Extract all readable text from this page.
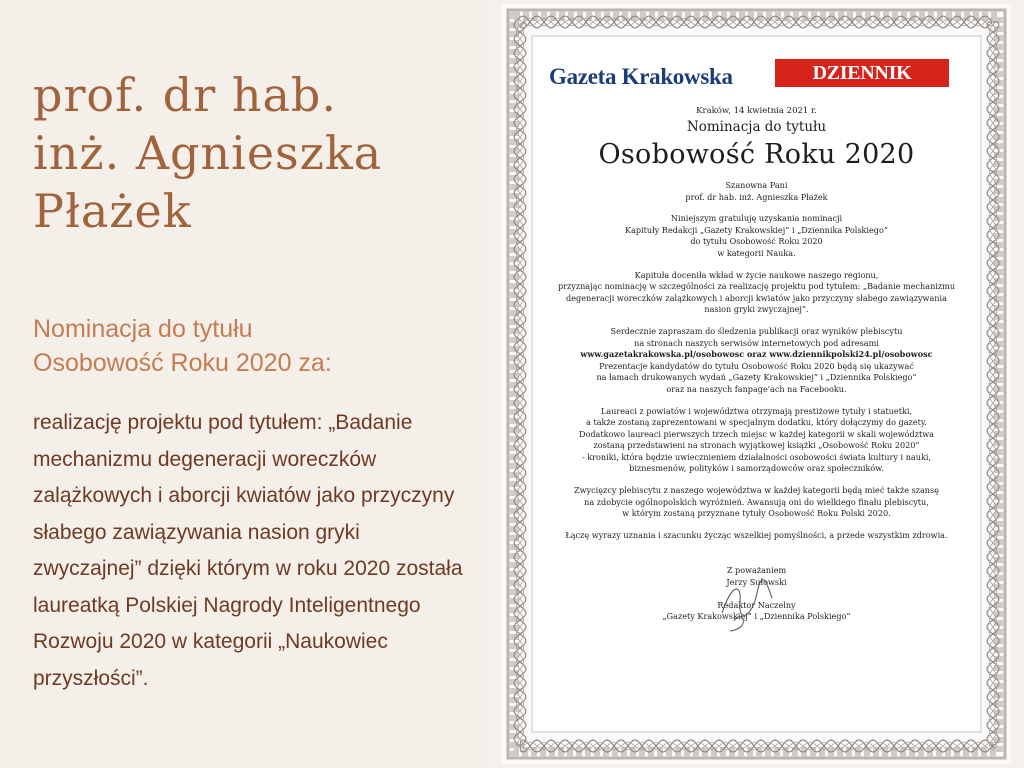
prof. dr hab.
inż. Agnieszka
Płażek

Nominacja do tytułu
Osobowość Roku 2020 za:

realizację projektu pod tytułem: „Badanie mechanizmu degeneracji woreczków zalążkowych i aborcji kwiatów jako przyczyny słabego zawiązywania nasion gryki zwyczajnej” dzięki którym w roku 2020 została laureatką Polskiej Nagrody Inteligentnego Rozwoju 2020 w kategorii „Naukowiec przyszłości”.

Gazeta Krakowska	DZIENNIK POLSKI
Kraków, 14 kwietnia 2021 r.
Nominacja do tytułu
Osobowość Roku 2020
Szanowna Pani
prof. dr hab. inż. Agnieszka Płażek
Niniejszym gratuluję uzyskania nominacji
Kapituły Redakcji „Gazety Krakowskiej” i „Dziennika Polskiego”
do tytułu Osobowość Roku 2020
w kategorii Nauka.
Kapituła doceniła wkład w życie naukowe naszego regionu,
przyznając nominację w szczególności za realizację projektu pod tytułem: „Badanie mechanizmu
degeneracji woreczków zalążkowych i aborcji kwiatów jako przyczyny słabego zawiązywania
nasion gryki zwyczajnej”.
Serdecznie zapraszam do śledzenia publikacji oraz wyników plebiscytu
na stronach naszych serwisów internetowych pod adresami
www.gazetakrakowska.pl/osobowosc oraz www.dziennikpolski24.pl/osobowosc
Prezentacje kandydatów do tytułu Osobowość Roku 2020 będą się ukazywać
na łamach drukowanych wydań „Gazety Krakowskiej” i „Dziennika Polskiego”
oraz na naszych fanpage'ach na Facebooku.
Laureaci z powiatów i województwa otrzymają prestiżowe tytuły i statuetki,
a także zostaną zaprezentowani w specjalnym dodatku, który dołączymy do gazety.
Dodatkowo laureaci pierwszych trzech miejsc w każdej kategorii w skali województwa
zostaną przedstawieni na stronach wyjątkowej książki „Osobowość Roku 2020”
- kroniki, która będzie uwiecznieniem działalności osobowości świata kultury i nauki,
biznesmenów, polityków i samorządowców oraz społeczników.
Zwycięzcy plebiscytu z naszego województwa w każdej kategorii będą mieć także szansę
na zdobycie ogólnopolskich wyróżnień. Awansują oni do wielkiego finału plebiscytu,
w którym zostaną przyznane tytuły Osobowość Roku Polski 2020.
Łączę wyrazy uznania i szacunku życząc wszelkiej pomyślności, a przede wszystkim zdrowia.

Z poważaniem
Jerzy Sułowski

Redaktor Naczelny
„Gazety Krakowskiej” i „Dziennika Polskiego”
